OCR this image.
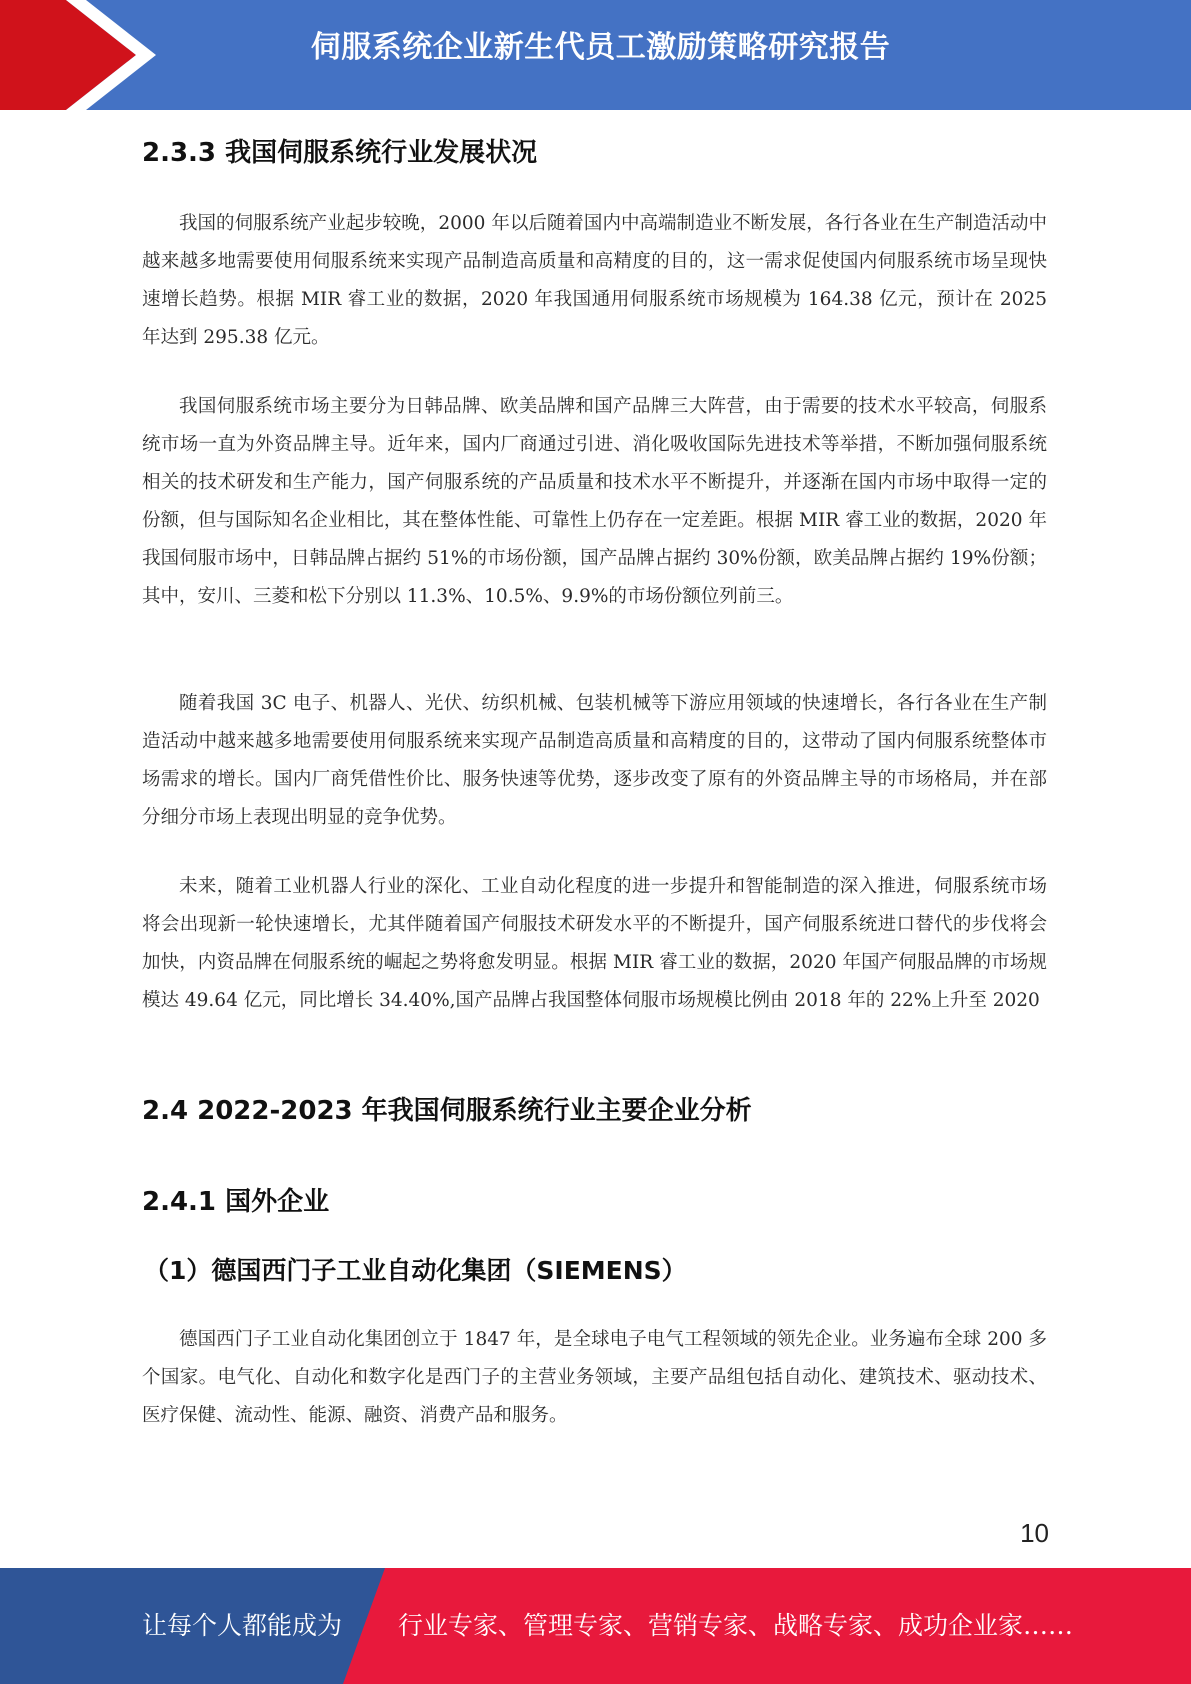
伺服系统企业新生代员工激励策略研究报告
2.3.3 我国伺服系统行业发展状况

我国的伺服系统产业起步较晚，2000 年以后随着国内中高端制造业不断发展，各行各业在生产制造活动中越来越多地需要使用伺服系统来实现产品制造高质量和高精度的目的，这一需求促使国内伺服系统市场呈现快速增长趋势。根据 MIR 睿工业的数据，2020 年我国通用伺服系统市场规模为 164.38 亿元，预计在 2025 年达到 295.38 亿元。

我国伺服系统市场主要分为日韩品牌、欧美品牌和国产品牌三大阵营，由于需要的技术水平较高，伺服系统市场一直为外资品牌主导。近年来，国内厂商通过引进、消化吸收国际先进技术等举措，不断加强伺服系统相关的技术研发和生产能力，国产伺服系统的产品质量和技术水平不断提升，并逐渐在国内市场中取得一定的份额，但与国际知名企业相比，其在整体性能、可靠性上仍存在一定差距。根据 MIR 睿工业的数据，2020 年我国伺服市场中，日韩品牌占据约 51%的市场份额，国产品牌占据约 30%份额，欧美品牌占据约 19%份额；其中，安川、三菱和松下分别以 11.3%、10.5%、9.9%的市场份额位列前三。

随着我国 3C 电子、机器人、光伏、纺织机械、包装机械等下游应用领域的快速增长，各行各业在生产制造活动中越来越多地需要使用伺服系统来实现产品制造高质量和高精度的目的，这带动了国内伺服系统整体市场需求的增长。国内厂商凭借性价比、服务快速等优势，逐步改变了原有的外资品牌主导的市场格局，并在部分细分市场上表现出明显的竞争优势。

未来，随着工业机器人行业的深化、工业自动化程度的进一步提升和智能制造的深入推进，伺服系统市场将会出现新一轮快速增长，尤其伴随着国产伺服技术研发水平的不断提升，国产伺服系统进口替代的步伐将会加快，内资品牌在伺服系统的崛起之势将愈发明显。根据 MIR 睿工业的数据，2020 年国产伺服品牌的市场规模达 49.64 亿元，同比增长 34.40%,国产品牌占我国整体伺服市场规模比例由 2018 年的 22%上升至 2020

2.4 2022-2023 年我国伺服系统行业主要企业分析
2.4.1 国外企业
（1）德国西门子工业自动化集团（SIEMENS）

德国西门子工业自动化集团创立于 1847 年，是全球电子电气工程领域的领先企业。业务遍布全球 200 多个国家。电气化、自动化和数字化是西门子的主营业务领域，主要产品组包括自动化、建筑技术、驱动技术、医疗保健、流动性、能源、融资、消费产品和服务。

10
让每个人都能成为 行业专家、管理专家、营销专家、战略专家、成功企业家……
